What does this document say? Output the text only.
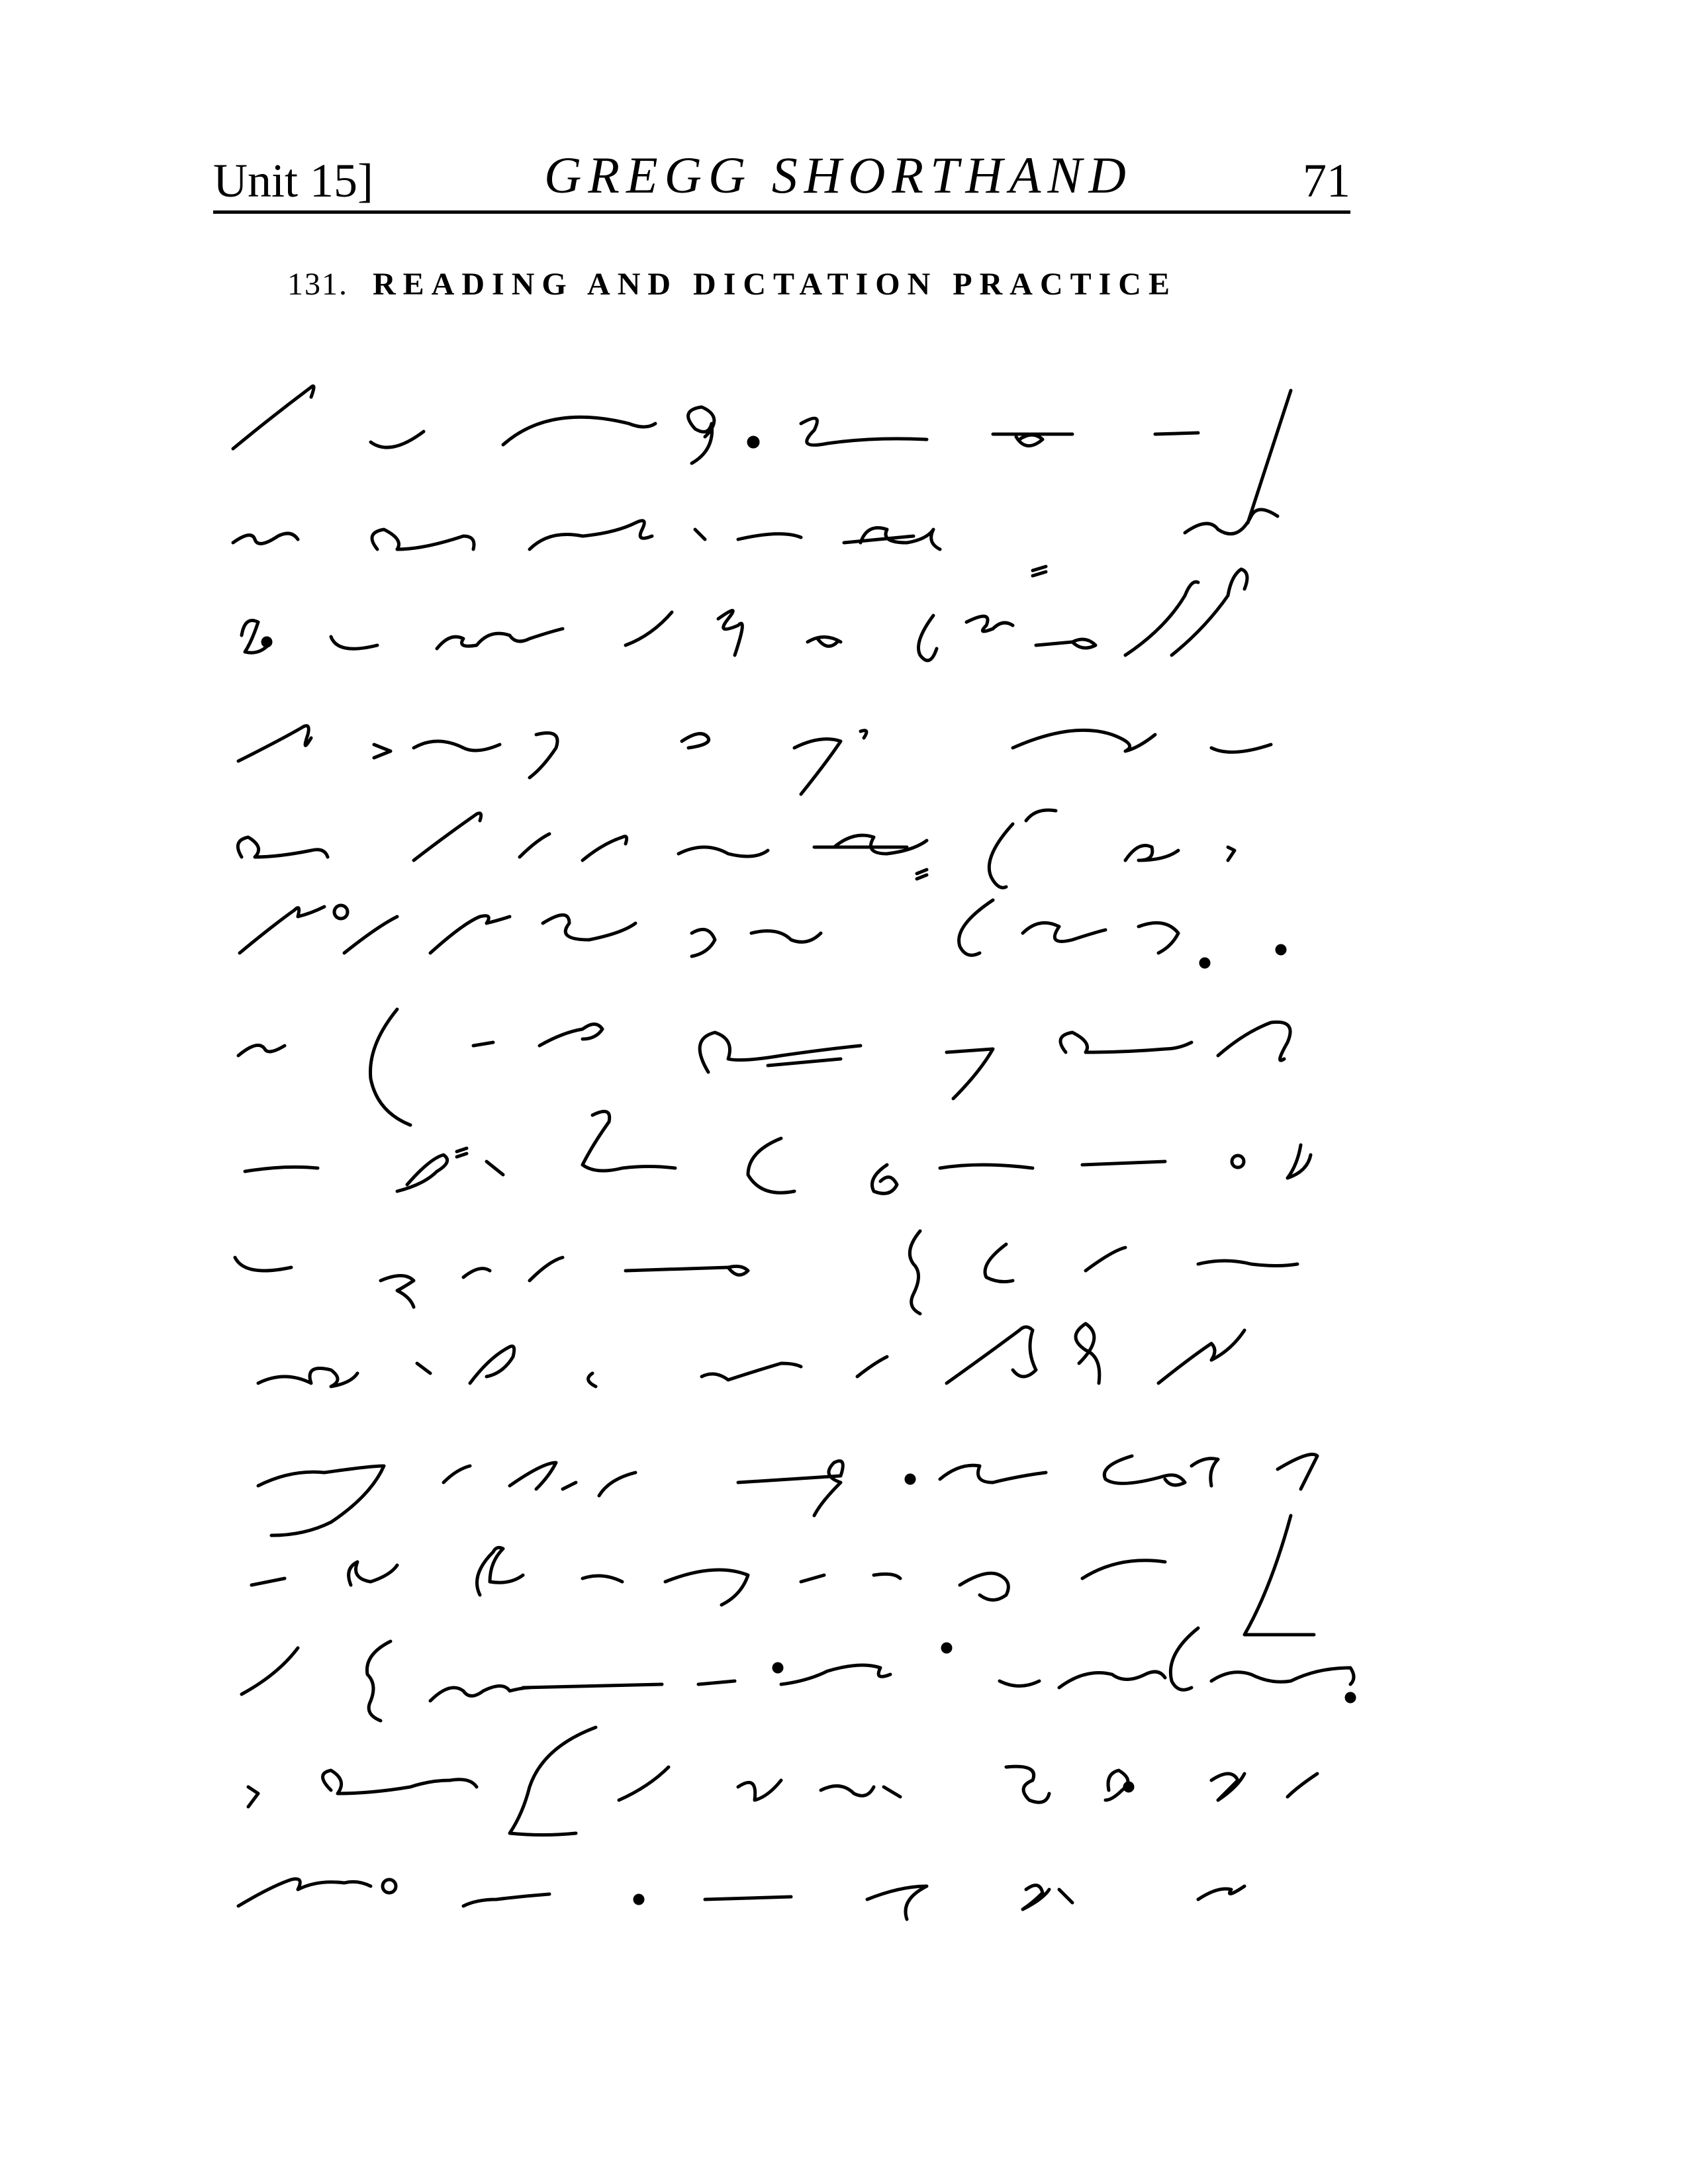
Unit 15]	GREGG SHORTHAND	71
131. READING AND DICTATION PRACTICE
